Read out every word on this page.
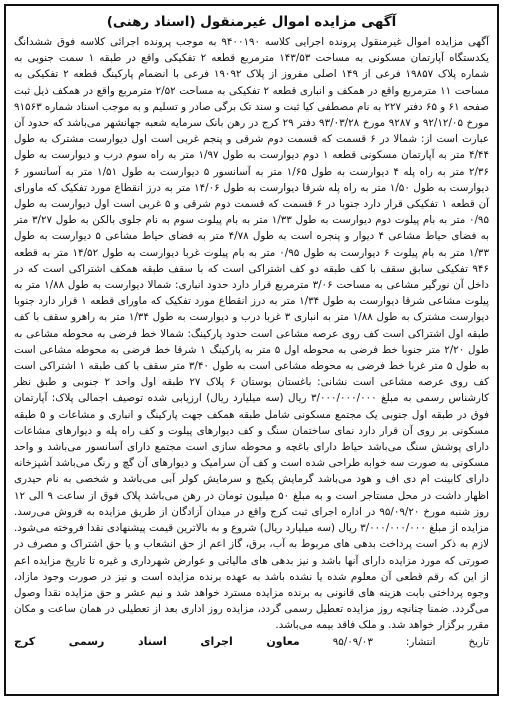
آگهی مزایده اموال غیرمنقول (اسناد رهنی)
آگهی مزایده اموال غیرمنقول پرونده اجرایی کلاسه ۹۴۰۰۱۹۰ به موجب پرونده اجرائی کلاسه فوق ششدانگ یکدستگاه آپارتمان مسکونی به مساحت ۱۴۳/۵۳ مترمربع قطعه ۲ تفکیکی واقع در طبقه ۱ سمت جنوبی به شماره پلاک ۱۹۸۵۷ فرعی از ۱۴۹ اصلی مفروز از پلاک ۱۹۰۹۲ فرعی با انضمام پارکینگ قطعه ۲ تفکیکی به مساحت ۱۱ مترمربع واقع در همکف و انباری قطعه ۲ تفکیکی به مساحت ۲/۵۲ مترمربع واقع در همکف ذیل ثبت صفحه ۶۱ و ۶۵ دفتر ۲۲۷ به نام مصطفی کیا ثبت و سند تک برگی صادر و تسلیم و به موجب اسناد شماره ۹۱۵۶۳ مورخ ۹۲/۱۲/۰۵ و ۹۲۸۷ مورخ ۹۳/۰۳/۲۸ دفتر ۲۹ کرج در رهن بانک سرمایه شعبه جهانشهر می‌باشد که حدود آن عبارت است از: شمالا در ۶ قسمت که قسمت دوم شرقی و پنجم غربی است اول دیوارست مشترک به طول ۴/۴۴ متر به آپارتمان مسکونی قطعه ۱ دوم دیوارست به طول ۱/۹۷ متر به راه سوم درب و دیوارست به طول ۲/۳۶ متر به راه پله ۴ دیوارست به طول ۱/۶۵ متر به آسانسور ۵ دیوارست به طول ۱/۵۱ متر به آسانسور ۶ دیوارست به طول ۱/۵۰ متر به راه پله شرقا دیوارست به طول ۱۴/۰۶ متر به درز انقطاع مورد تفکیک که ماورای آن قطعه ۱ تفکیکی قرار دارد جنوبا در ۶ قسمت که قسمت دوم شرقی و ۵ غربی است اول دیوارست به طول ۰/۹۵ متر به بام پیلوت دوم دیوارست به طول ۱/۳۳ متر به بام پیلوت سوم به نام جلوی بالکن به طول ۳/۲۷ متر به فضای حیاط مشاعی ۴ دیوار و پنجره است به طول ۴/۷۸ متر به فضای حیاط مشاعی ۵ دیوارست به طول ۱/۳۳ متر به بام پیلوت ۶ دیوارست به طول ۰/۹۵ متر به بام پیلوت غربا دیوارست به طول ۱۴/۵۲ متر به قطعه ۹۴۶ تفکیکی سابق سقف با کف طبقه دو کف اشتراکی است که با سقف طبقه همکف اشتراکی است که در داخل آن نورگیر مشاعی به مساحت ۳/۰۶ مترمربع قرار دارد حدود انباری: شمالا دیوارست به طول ۱/۸۸ متر به پیلوت مشاعی شرقا دیوارست به طول ۱/۳۴ متر به درز انقطاع مورد تفکیک که ماورای قطعه ۱ قرار دارد جنوبا دیوارست مشترک به طول ۱/۸۸ متر به انباری ۳ غربا درب و دیوارست به طول ۱/۳۴ متر به راهرو سقف با کف طبقه اول اشتراکی است کف روی عرصه مشاعی است حدود پارکینگ: شمالا خط فرضی به محوطه مشاعی به طول ۲/۲۰ متر جنوبا خط فرضی به محوطه اول ۵ متر به پارکینگ ۱ شرقا خط فرضی به محوطه مشاعی است به طول ۵ متر غربا خط فرضی به محوطه مشاعی است به طول ۳/۴۰ متر سقف با کف طبقه ۱ اشتراکی است کف روی عرصه مشاعی است نشانی: باغستان بوستان ۶ پلاک ۲۷ طبقه اول واحد ۲ جنوبی و طبق نظر کارشناس رسمی به مبلغ ۳/۰۰۰/۰۰۰/۰۰۰ ریال (سه میلیارد ریال) ارزیابی شده توصیف اجمالی پلاک: آپارتمان فوق در طبقه اول جنوبی یک مجتمع مسکونی شامل طبقه همکف جهت پارکینگ و انباری و مشاعات و ۵ طبقه مسکونی بر روی آن قرار دارد نمای ساختمان سنگ و کف دیوارهای پیلوت و کف راه پله و دیوارهای مشاعات دارای پوشش سنگ می‌باشد حیاط دارای باغچه و محوطه سازی است مجتمع دارای آسانسور می‌باشد و واحد مسکونی به صورت سه خوابه طراحی شده است و کف آن سرامیک و دیوارهای آن گچ و رنگ می‌باشد آشپزخانه دارای کابینت ام دی اف و هود می‌باشد گرمایش پکیج و سرمایش کولر آبی می‌باشد و شخصی به نام حیدری اظهار داشت در محل مستاجر است و به مبلغ ۵۰ میلیون تومان در رهن می‌باشد پلاک فوق از ساعت ۹ الی ۱۲ روز شنبه مورخ ۹۵/۰۹/۲۰ در اداره اجرای ثبت کرج واقع در میدان آزادگان از طریق مزایده به فروش می‌رسد. مزایده از مبلغ ۳/۰۰۰/۰۰۰/۰۰۰ ریال (سه میلیارد ریال) شروع و به بالاترین قیمت پیشنهادی نقدا فروخته می‌شود. لازم به ذکر است پرداخت بدهی های مربوط به آب، برق، گاز اعم از حق انشعاب و یا حق اشتراک و مصرف در صورتی که مورد مزایده دارای آنها باشد و نیز بدهی های مالیاتی و عوارض شهرداری و غیره تا تاریخ مزایده اعم از این که رقم قطعی آن معلوم شده یا نشده باشد به عهده برنده مزایده است و نیز در صورت وجود مازاد، وجوه پرداختی بابت هزینه های قانونی به برنده مزایده مسترد خواهد شد و نیم عشر و حق مزایده نقدا وصول می‌گردد. ضمنا چنانچه روز مزایده تعطیل رسمی گردد، مزایده روز اداری بعد از تعطیلی در همان ساعت و مکان مقرر برگزار خواهد شد. و ملک فاقد بیمه می‌باشد.
تاریخ انتشار: ۹۵/۰۹/۰۳ معاون اجرای اسناد رسمی کرج
